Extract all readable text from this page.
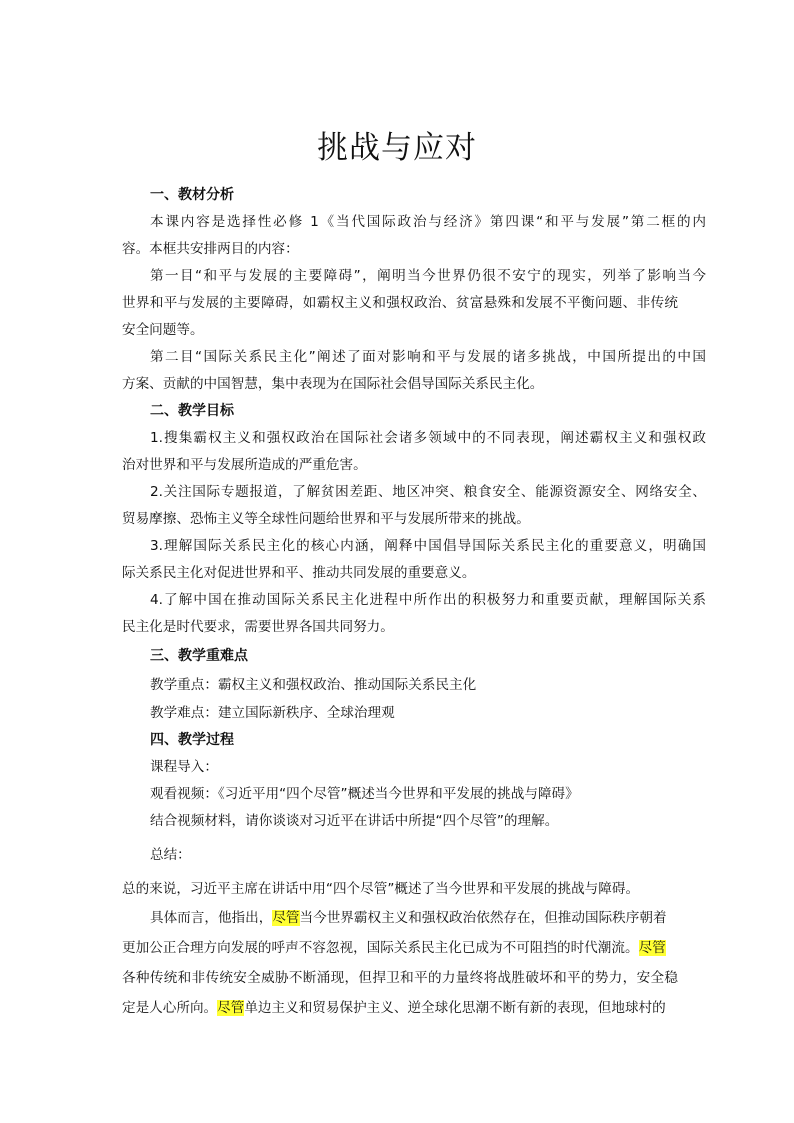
挑战与应对
一、教材分析
本课内容是选择性必修 1《当代国际政治与经济》第四课“和平与发展”第二框的内
容。本框共安排两目的内容：
第一目“和平与发展的主要障碍”，阐明当今世界仍很不安宁的现实，列举了影响当今
世界和平与发展的主要障碍，如霸权主义和强权政治、贫富悬殊和发展不平衡问题、非传统
安全问题等。
第二目“国际关系民主化”阐述了面对影响和平与发展的诸多挑战，中国所提出的中国
方案、贡献的中国智慧，集中表现为在国际社会倡导国际关系民主化。
二、教学目标
1.搜集霸权主义和强权政治在国际社会诸多领域中的不同表现，阐述霸权主义和强权政
治对世界和平与发展所造成的严重危害。
2.关注国际专题报道，了解贫困差距、地区冲突、粮食安全、能源资源安全、网络安全、
贸易摩擦、恐怖主义等全球性问题给世界和平与发展所带来的挑战。
3.理解国际关系民主化的核心内涵，阐释中国倡导国际关系民主化的重要意义，明确国
际关系民主化对促进世界和平、推动共同发展的重要意义。
4.了解中国在推动国际关系民主化进程中所作出的积极努力和重要贡献，理解国际关系
民主化是时代要求，需要世界各国共同努力。
三、教学重难点
教学重点：霸权主义和强权政治、推动国际关系民主化
教学难点：建立国际新秩序、全球治理观
四、教学过程
课程导入：
观看视频：《习近平用“四个尽管”概述当今世界和平发展的挑战与障碍》
结合视频材料，请你谈谈对习近平在讲话中所提“四个尽管”的理解。
总结：
总的来说，习近平主席在讲话中用“四个尽管”概述了当今世界和平发展的挑战与障碍。
具体而言，他指出，尽管当今世界霸权主义和强权政治依然存在，但推动国际秩序朝着
更加公正合理方向发展的呼声不容忽视，国际关系民主化已成为不可阻挡的时代潮流。尽管
各种传统和非传统安全威胁不断涌现，但捍卫和平的力量终将战胜破坏和平的势力，安全稳
定是人心所向。尽管单边主义和贸易保护主义、逆全球化思潮不断有新的表现，但地球村的
